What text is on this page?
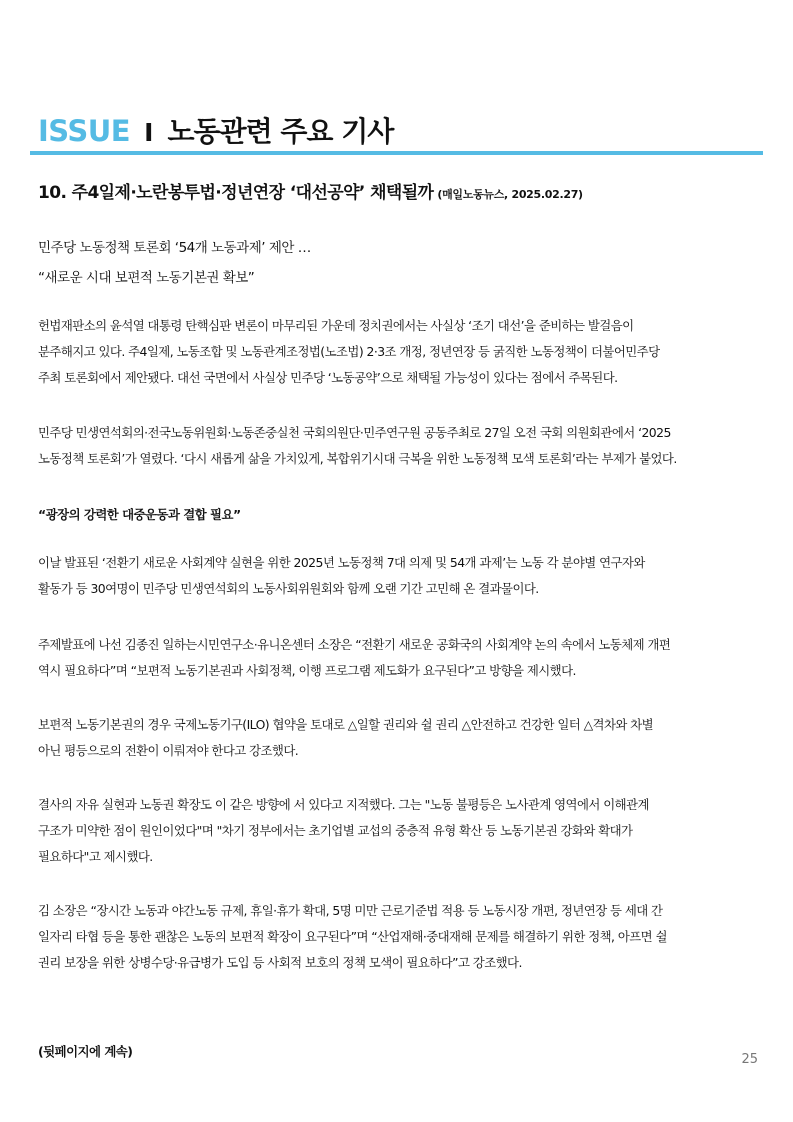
ISSUE I 노동관련 주요 기사
10. 주4일제·노란봉투법·정년연장 ‘대선공약’ 채택될까 (매일노동뉴스, 2025.02.27)
민주당 노동정책 토론회 ‘54개 노동과제’ 제안 …
“새로운 시대 보편적 노동기본권 확보”
헌법재판소의 윤석열 대통령 탄핵심판 변론이 마무리된 가운데 정치권에서는 사실상 ‘조기 대선’을 준비하는 발걸음이
분주해지고 있다. 주4일제, 노동조합 및 노동관계조정법(노조법) 2·3조 개정, 정년연장 등 굵직한 노동정책이 더불어민주당
주최 토론회에서 제안됐다. 대선 국면에서 사실상 민주당 ‘노동공약’으로 채택될 가능성이 있다는 점에서 주목된다.
민주당 민생연석회의·전국노동위원회·노동존중실천 국회의원단·민주연구원 공동주최로 27일 오전 국회 의원회관에서 ‘2025
노동정책 토론회’가 열렸다. ‘다시 새롭게 삶을 가치있게, 복합위기시대 극복을 위한 노동정책 모색 토론회’라는 부제가 붙었다.
“광장의 강력한 대중운동과 결합 필요”
이날 발표된 ‘전환기 새로운 사회계약 실현을 위한 2025년 노동정책 7대 의제 및 54개 과제’는 노동 각 분야별 연구자와
활동가 등 30여명이 민주당 민생연석회의 노동사회위원회와 함께 오랜 기간 고민해 온 결과물이다.
주제발표에 나선 김종진 일하는시민연구소·유니온센터 소장은 “전환기 새로운 공화국의 사회계약 논의 속에서 노동체제 개편
역시 필요하다”며 “보편적 노동기본권과 사회정책, 이행 프로그램 제도화가 요구된다”고 방향을 제시했다.
보편적 노동기본권의 경우 국제노동기구(ILO) 협약을 토대로 △일할 권리와 쉴 권리 △안전하고 건강한 일터 △격차와 차별
아닌 평등으로의 전환이 이뤄져야 한다고 강조했다.
결사의 자유 실현과 노동권 확장도 이 같은 방향에 서 있다고 지적했다. 그는 "노동 불평등은 노사관계 영역에서 이해관계
구조가 미약한 점이 원인이었다"며 "차기 정부에서는 초기업별 교섭의 중층적 유형 확산 등 노동기본권 강화와 확대가
필요하다"고 제시했다.
김 소장은 “장시간 노동과 야간노동 규제, 휴일·휴가 확대, 5명 미만 근로기준법 적용 등 노동시장 개편, 정년연장 등 세대 간
일자리 타협 등을 통한 괜찮은 노동의 보편적 확장이 요구된다”며 “산업재해·중대재해 문제를 해결하기 위한 정책, 아프면 쉴
권리 보장을 위한 상병수당·유급병가 도입 등 사회적 보호의 정책 모색이 필요하다”고 강조했다.
(뒷페이지에 계속)
25
